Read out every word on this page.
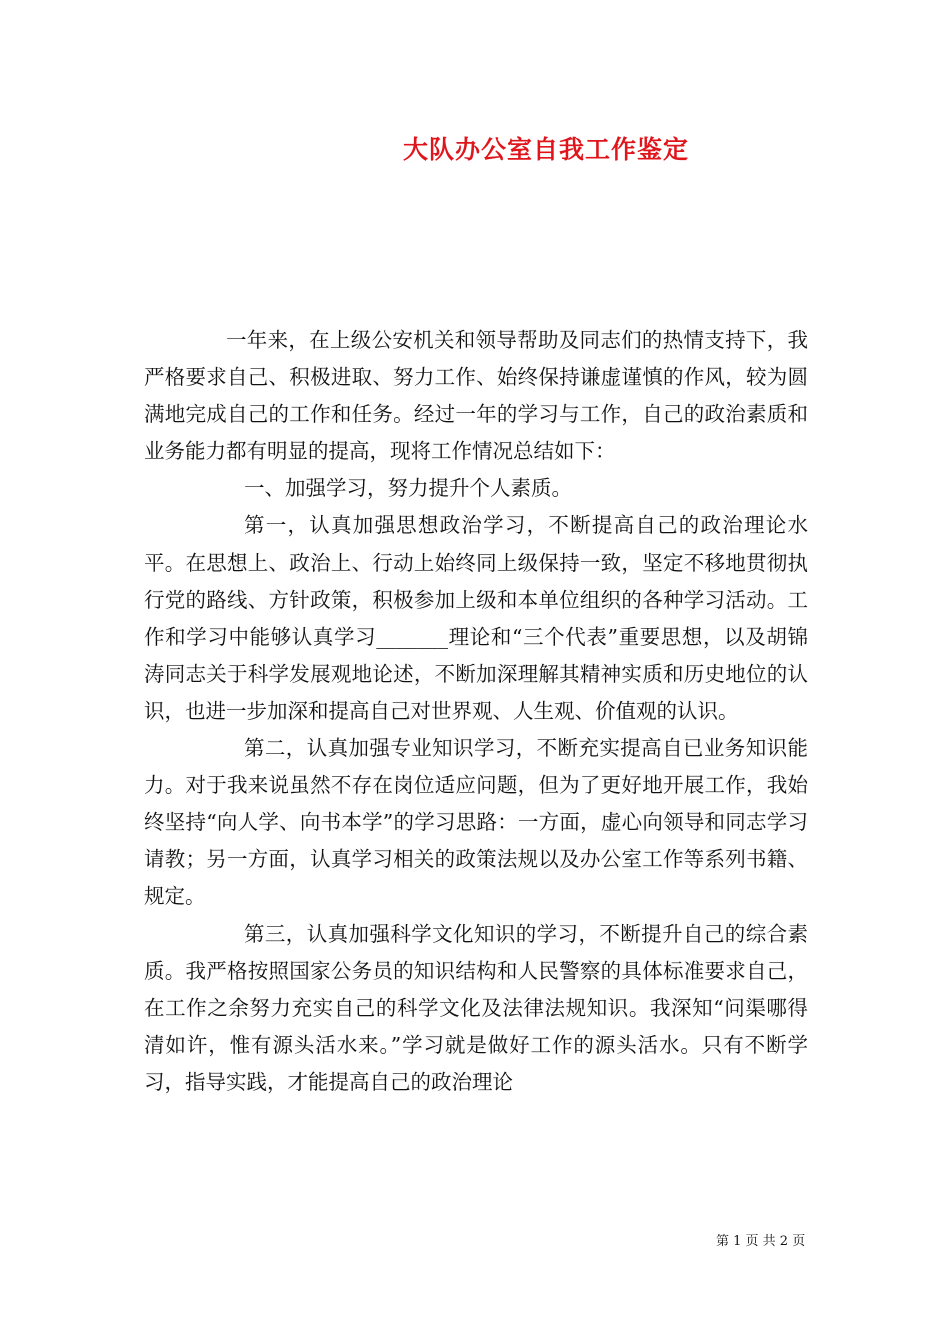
大队办公室自我工作鉴定

一年来，在上级公安机关和领导帮助及同志们的热情支持下，我严格要求自己、积极进取、努力工作、始终保持谦虚谨慎的作风，较为圆满地完成自己的工作和任务。经过一年的学习与工作，自己的政治素质和业务能力都有明显的提高，现将工作情况总结如下：

一、加强学习，努力提升个人素质。

第一，认真加强思想政治学习，不断提高自己的政治理论水平。在思想上、政治上、行动上始终同上级保持一致，坚定不移地贯彻执行党的路线、方针政策，积极参加上级和本单位组织的各种学习活动。工作和学习中能够认真学习_______理论和“三个代表”重要思想，以及胡锦涛同志关于科学发展观地论述，不断加深理解其精神实质和历史地位的认识，也进一步加深和提高自己对世界观、人生观、价值观的认识。

第二，认真加强专业知识学习，不断充实提高自已业务知识能力。对于我来说虽然不存在岗位适应问题，但为了更好地开展工作，我始终坚持“向人学、向书本学”的学习思路：一方面，虚心向领导和同志学习请教；另一方面，认真学习相关的政策法规以及办公室工作等系列书籍、规定。

第三，认真加强科学文化知识的学习，不断提升自己的综合素质。我严格按照国家公务员的知识结构和人民警察的具体标准要求自己，在工作之余努力充实自己的科学文化及法律法规知识。我深知“问渠哪得清如许，惟有源头活水来。”学习就是做好工作的源头活水。只有不断学习，指导实践，才能提高自己的政治理论

第 1 页 共 2 页
